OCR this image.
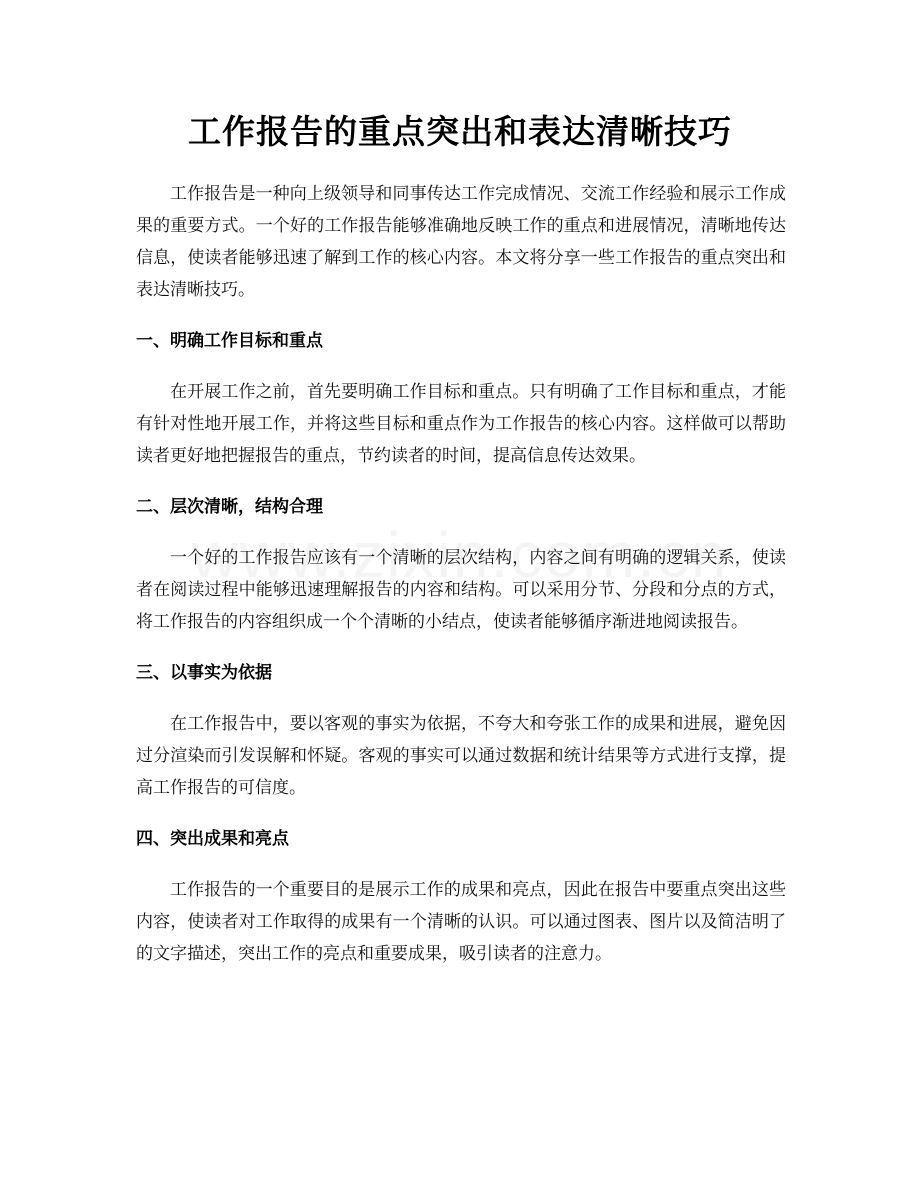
工作报告的重点突出和表达清晰技巧

工作报告是一种向上级领导和同事传达工作完成情况、交流工作经验和展示工作成果的重要方式。一个好的工作报告能够准确地反映工作的重点和进展情况，清晰地传达信息，使读者能够迅速了解到工作的核心内容。本文将分享一些工作报告的重点突出和表达清晰技巧。

一、明确工作目标和重点

在开展工作之前，首先要明确工作目标和重点。只有明确了工作目标和重点，才能有针对性地开展工作，并将这些目标和重点作为工作报告的核心内容。这样做可以帮助读者更好地把握报告的重点，节约读者的时间，提高信息传达效果。

二、层次清晰，结构合理

一个好的工作报告应该有一个清晰的层次结构，内容之间有明确的逻辑关系，使读者在阅读过程中能够迅速理解报告的内容和结构。可以采用分节、分段和分点的方式，将工作报告的内容组织成一个个清晰的小结点，使读者能够循序渐进地阅读报告。

三、以事实为依据

在工作报告中，要以客观的事实为依据，不夸大和夸张工作的成果和进展，避免因过分渲染而引发误解和怀疑。客观的事实可以通过数据和统计结果等方式进行支撑，提高工作报告的可信度。

四、突出成果和亮点

工作报告的一个重要目的是展示工作的成果和亮点，因此在报告中要重点突出这些内容，使读者对工作取得的成果有一个清晰的认识。可以通过图表、图片以及简洁明了的文字描述，突出工作的亮点和重要成果，吸引读者的注意力。
